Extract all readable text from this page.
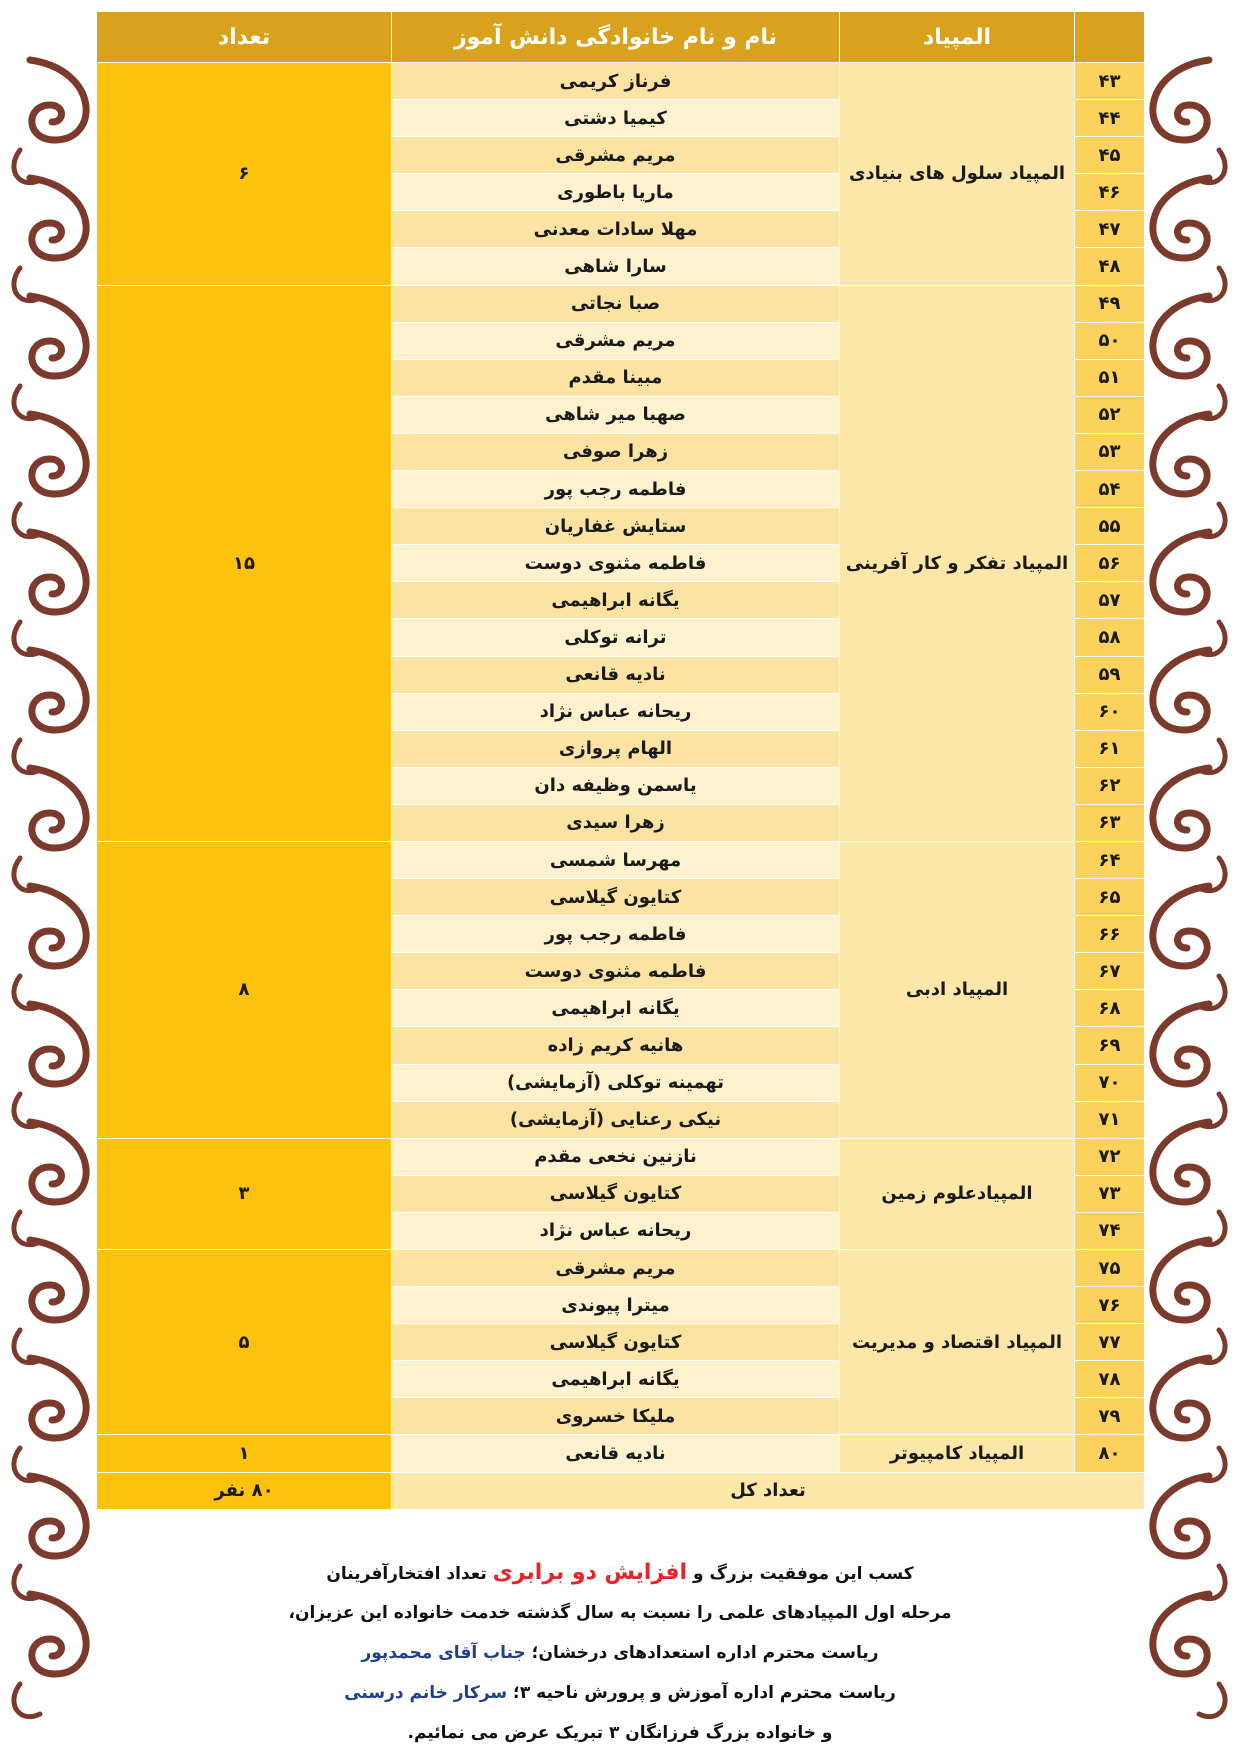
	المپیاد	نام و نام خانوادگی دانش آموز	تعداد
۴۳	المپیاد سلول های بنیادی	فرناز کریمی	۶
۴۴		کیمیا دشتی	
۴۵		مریم مشرقی	
۴۶		ماریا باطوری	
۴۷		مهلا سادات معدنی	
۴۸		سارا شاهی	
۴۹	المپیاد تفکر و کار آفرینی	صبا نجاتی	۱۵
۵۰		مریم مشرقی	
۵۱		مبینا مقدم	
۵۲		صهبا میر شاهی	
۵۳		زهرا صوفی	
۵۴		فاطمه رجب پور	
۵۵		ستایش غفاریان	
۵۶		فاطمه مثنوی دوست	
۵۷		یگانه ابراهیمی	
۵۸		ترانه توکلی	
۵۹		نادیه قانعی	
۶۰		ریحانه عباس نژاد	
۶۱		الهام پروازی	
۶۲		یاسمن وظیفه دان	
۶۳		زهرا سیدی	
۶۴	المپیاد ادبی	مهرسا شمسی	۸
۶۵		کتایون گیلاسی	
۶۶		فاطمه رجب پور	
۶۷		فاطمه مثنوی دوست	
۶۸		یگانه ابراهیمی	
۶۹		هانیه کریم زاده	
۷۰		تهمینه توکلی (آزمایشی)	
۷۱		نیکی رعنایی (آزمایشی)	
۷۲	المپیادعلوم زمین	نازنین نخعی مقدم	۳
۷۳		کتایون گیلاسی	
۷۴		ریحانه عباس نژاد	
۷۵	المپیاد اقتصاد و مدیریت	مریم مشرقی	۵
۷۶		میترا پیوندی	
۷۷		کتایون گیلاسی	
۷۸		یگانه ابراهیمی	
۷۹		ملیکا خسروی	
۸۰	المپیاد کامپیوتر	نادیه قانعی	۱
تعداد کل			۸۰ نفر
کسب این موفقیت بزرگ و افزایش دو برابری تعداد افتخارآفرینان
مرحله اول المپیادهای علمی را نسبت به سال گذشته خدمت خانواده این عزیزان،
ریاست محترم اداره استعدادهای درخشان؛ جناب آقای محمدپور
ریاست محترم اداره آموزش و پرورش ناحیه ۳؛ سرکار خانم درسنی
و خانواده بزرگ فرزانگان ۳ تبریک عرض می نمائیم.
